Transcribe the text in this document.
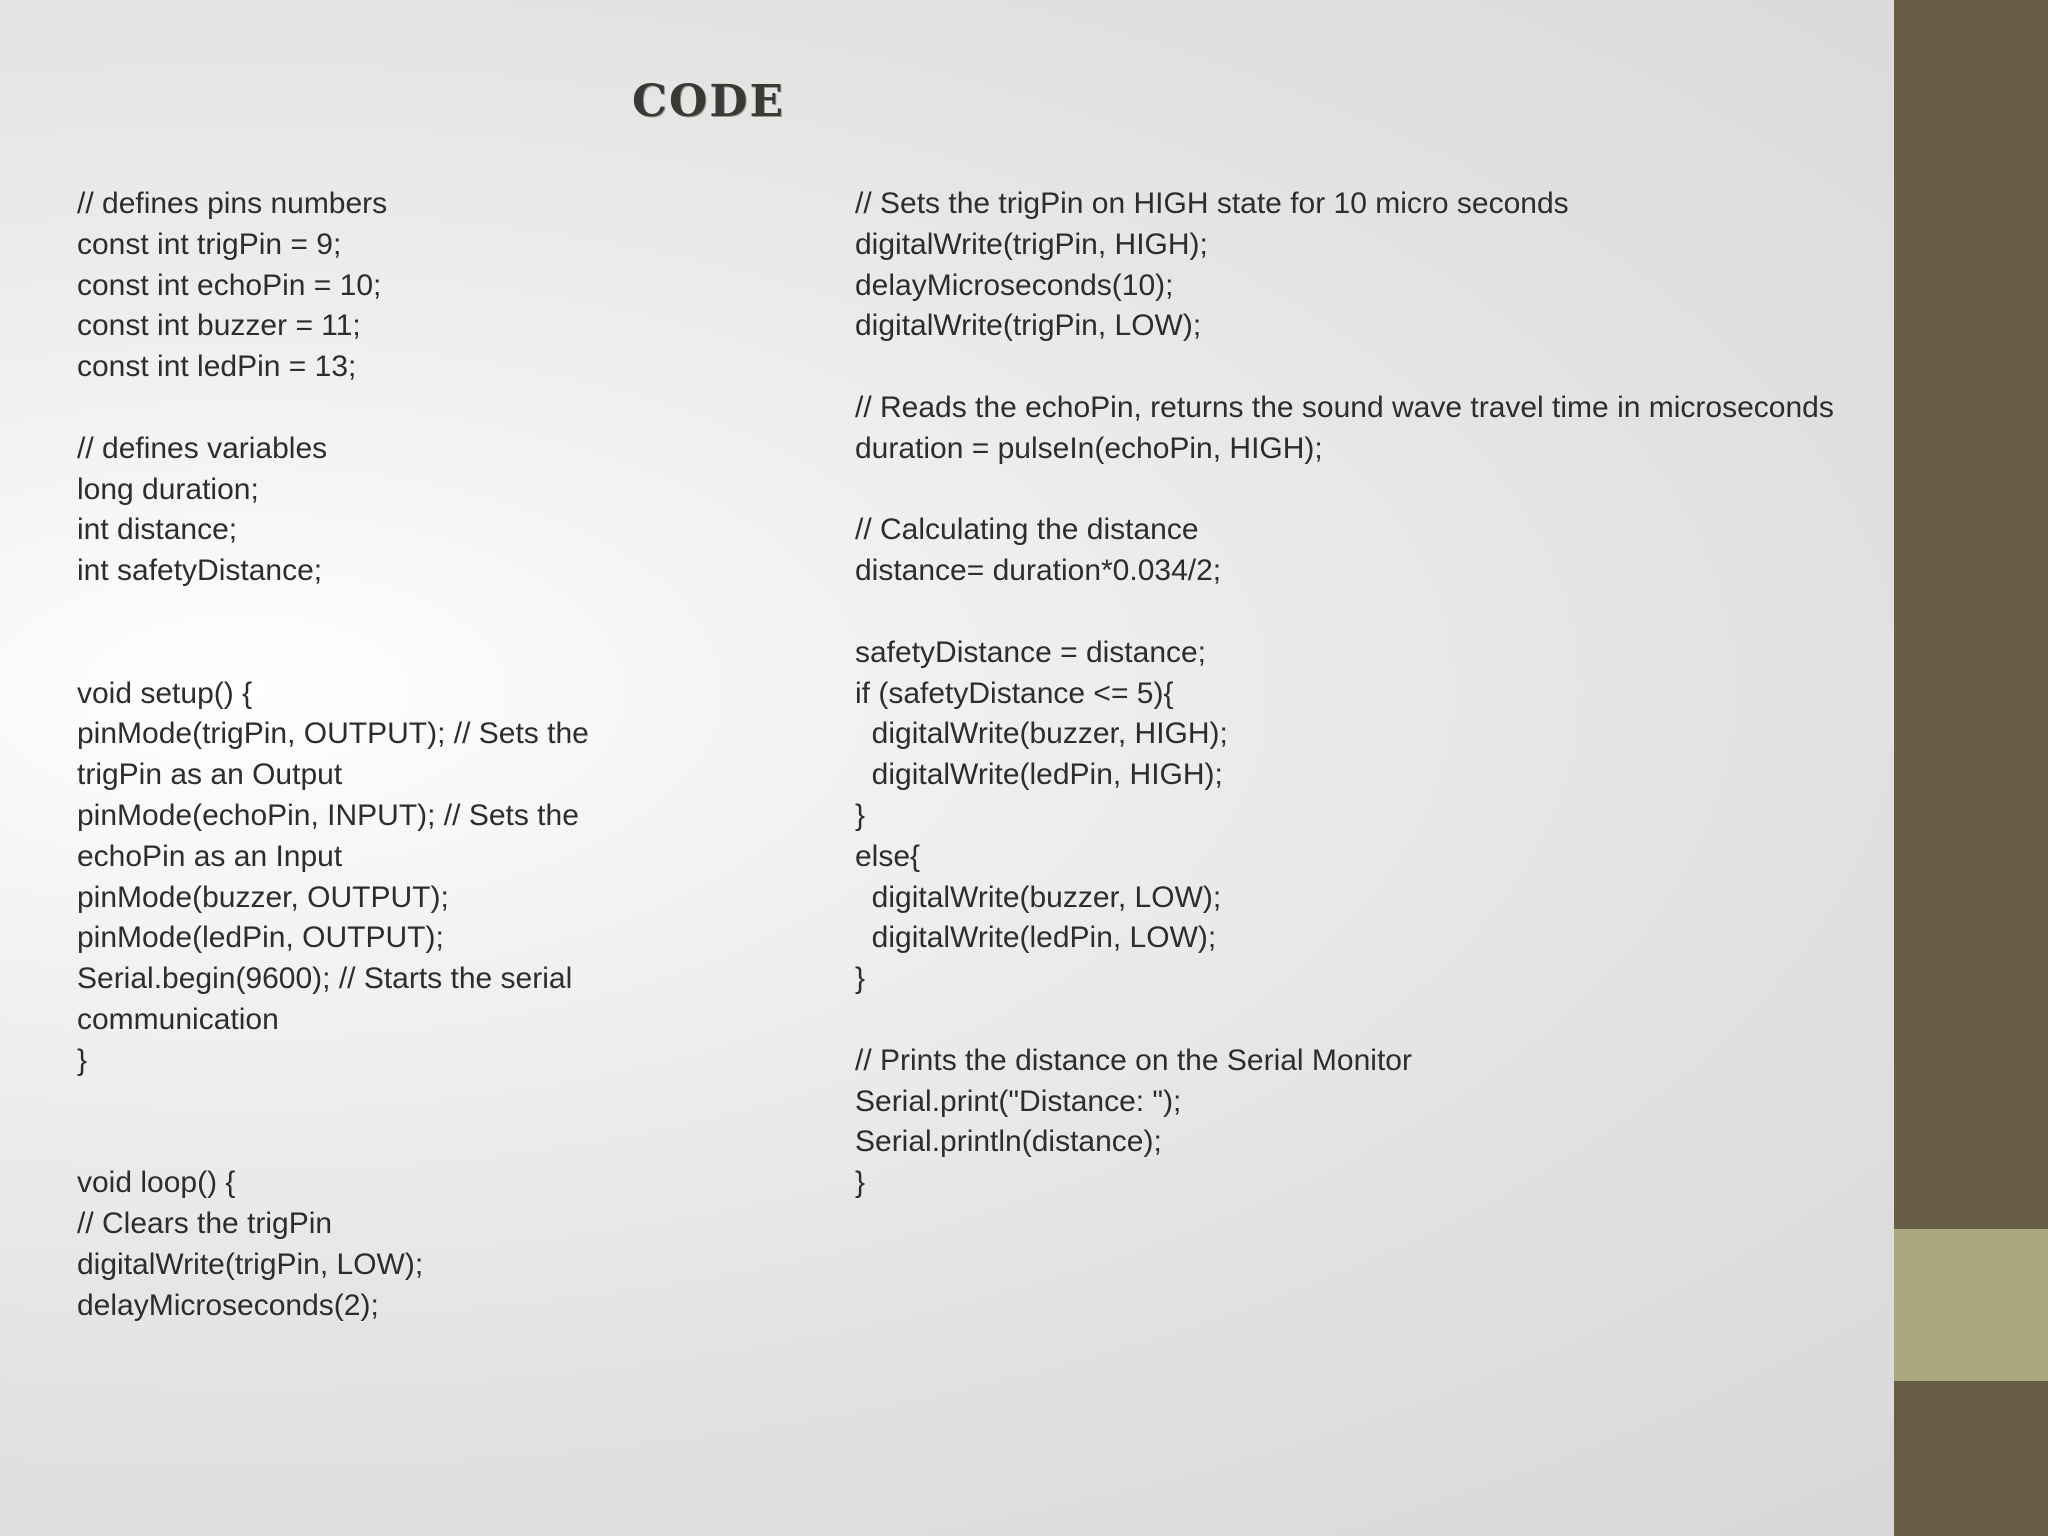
CODE
// defines pins numbers
const int trigPin = 9;
const int echoPin = 10;
const int buzzer = 11;
const int ledPin = 13;
// defines variables
long duration;
int distance;
int safetyDistance;
void setup() {
pinMode(trigPin, OUTPUT); // Sets the
trigPin as an Output
pinMode(echoPin, INPUT); // Sets the
echoPin as an Input
pinMode(buzzer, OUTPUT);
pinMode(ledPin, OUTPUT);
Serial.begin(9600); // Starts the serial
communication
}
void loop() {
// Clears the trigPin
digitalWrite(trigPin, LOW);
delayMicroseconds(2);
// Sets the trigPin on HIGH state for 10 micro seconds
digitalWrite(trigPin, HIGH);
delayMicroseconds(10);
digitalWrite(trigPin, LOW);
// Reads the echoPin, returns the sound wave travel time in microseconds
duration = pulseIn(echoPin, HIGH);
// Calculating the distance
distance= duration*0.034/2;
safetyDistance = distance;
if (safetyDistance <= 5){
digitalWrite(buzzer, HIGH);
digitalWrite(ledPin, HIGH);
}
else{
digitalWrite(buzzer, LOW);
digitalWrite(ledPin, LOW);
}
// Prints the distance on the Serial Monitor
Serial.print("Distance: ");
Serial.println(distance);
}
